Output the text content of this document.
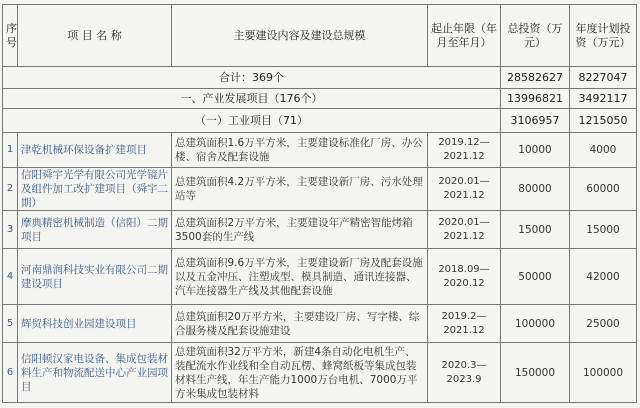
序号	项 目 名 称	主要建设内容及建设总规模	起止年限（年月至年月）	总投资（万元）	年度计划投资（万元）
合计：369个				28582627	8227047
一、产业发展项目（176个）				13996821	3492117
（一）工业项目（71）				3106957	1215050
1	津乾机械环保设备扩建项目	总建筑面积1.6万平方米，主要建设标准化厂房、办公楼、宿舍及配套设施	2019.12—2021.12	10000	4000
2	信阳舜宇光学有限公司光学镜片及组件加工改扩建项目（舜宇二期）	总建筑面积4.2万平方米，主要建设新厂房、污水处理站等	2020.01—2021.12	80000	60000
3	摩典精密机械制造（信阳）二期项目	总建筑面积2万平方米，主要建设年产精密智能烤箱3500套的生产线	2020.01—2021.12	15000	15000
4	河南鼎润科技实业有限公司二期建设项目	总建筑面积9.6万平方米，主要建设新厂房及配套设施以及五金冲压、注塑成型、模具制造、通讯连接器、汽车连接器生产线及其他配套设施	2018.09—2020.12	50000	42000
5	辉贸科技创业园建设项目	总建筑面积20万平方米，主要建设厂房、写字楼、综合服务楼及配套设施建设	2019.2—2021.12	100000	25000
6	信阳顿汉家电设备、集成包装材料生产和物流配送中心产业园项目	总建筑面积32万平方米，新建4条自动化电机生产、装配流水作业线和全自动瓦楞、蜂窝纸板等集成包装材料生产线，年生产能力1000万台电机、7000万平方米集成包装材料	2020.3—2023.9	150000	100000
